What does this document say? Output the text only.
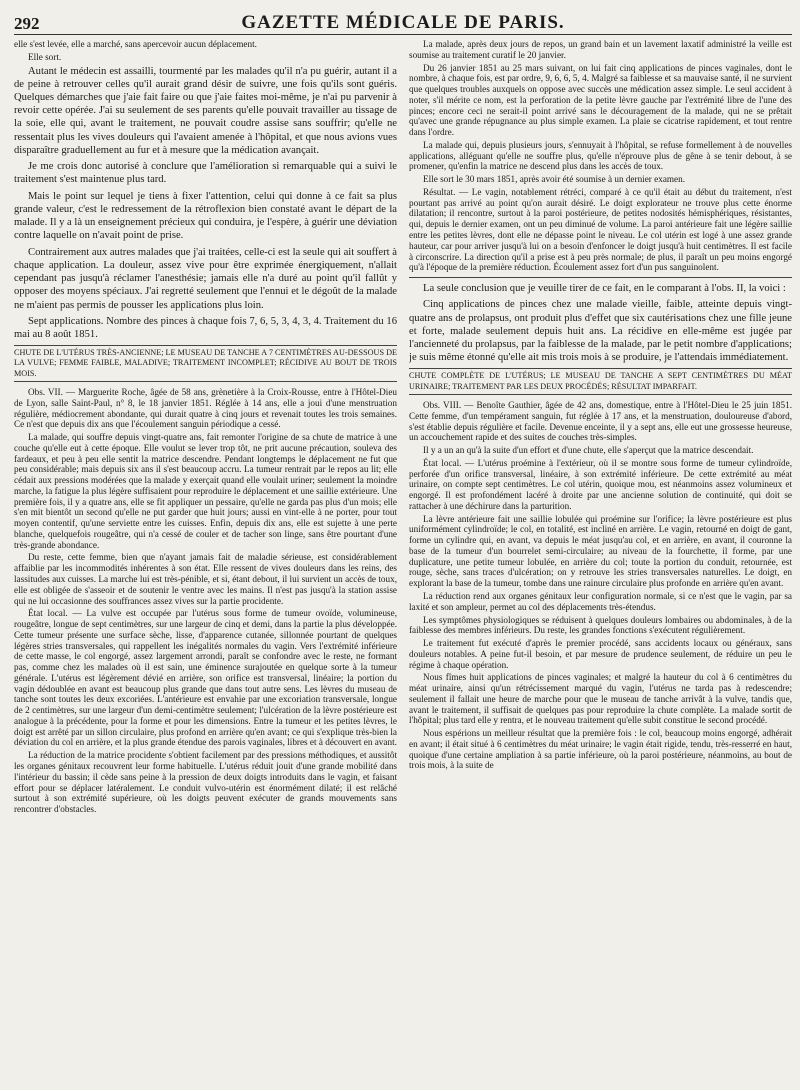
292	GAZETTE MÉDICALE DE PARIS.

elle s'est levée, elle a marché, sans apercevoir aucun déplacement.

Elle sort.

Autant le médecin est assailli, tourmenté par les malades qu'il n'a pu guérir, autant il a de peine à retrouver celles qu'il aurait grand désir de suivre, une fois qu'ils sont guéris. Quelques démarches que j'aie fait faire ou que j'aie faites moi-même, je n'ai pu parvenir à revoir cette opérée. J'ai su seulement de ses parents qu'elle pouvait travailler au tissage de la soie, elle qui, avant le traitement, ne pouvait coudre assise sans souffrir; qu'elle ne ressentait plus les vives douleurs qui l'avaient amenée à l'hôpital, et que nous avions vues disparaître graduellement au fur et à mesure que la médication avançait.

Je me crois donc autorisé à conclure que l'amélioration si remarquable qui a suivi le traitement s'est maintenue plus tard.

Mais le point sur lequel je tiens à fixer l'attention, celui qui donne à ce fait sa plus grande valeur, c'est le redressement de la rétroflexion bien constaté avant le départ de la malade. Il y a là un enseignement précieux qui conduira, je l'espère, à guérir une déviation contre laquelle on n'avait point de prise.

Contrairement aux autres malades que j'ai traitées, celle-ci est la seule qui ait souffert à chaque application. La douleur, assez vive pour être exprimée énergiquement, n'allait cependant pas jusqu'à réclamer l'anesthésie; jamais elle n'a duré au point qu'il fallût y opposer des moyens spéciaux. J'ai regretté seulement que l'ennui et le dégoût de la malade ne m'aient pas permis de pousser les applications plus loin.

Sept applications. Nombre des pinces à chaque fois 7, 6, 5, 3, 4, 3, 4. Traitement du 16 mai au 8 août 1851.

CHUTE DE L'UTÉRUS TRÈS-ANCIENNE; LE MUSEAU DE TANCHE A 7 CENTIMÈTRES AU-DESSOUS DE LA VULVE; FEMME FAIBLE, MALADIVE; TRAITEMENT INCOMPLET; RÉCIDIVE AU BOUT DE TROIS MOIS.

Obs. VII. — Marguerite Roche, âgée de 58 ans, grènetière à la Croix-Rousse, entre à l'Hôtel-Dieu de Lyon, salle Saint-Paul, n° 8, le 18 janvier 1851. Réglée à 14 ans, elle a joui d'une menstruation régulière, médiocrement abondante, qui durait quatre à cinq jours et revenait toutes les trois semaines. Ce n'est que depuis dix ans que l'écoulement sanguin périodique a cessé.

La malade, qui souffre depuis vingt-quatre ans, fait remonter l'origine de sa chute de matrice à une couche qu'elle eut à cette époque. Elle voulut se lever trop tôt, ne prit aucune précaution, souleva des fardeaux, et peu à peu elle sentit la matrice descendre. Pendant longtemps le déplacement ne fut que peu considérable; mais depuis six ans il s'est beaucoup accru. La tumeur rentrait par le repos au lit; elle cédait aux pressions modérées que la malade y exerçait quand elle voulait uriner; seulement la moindre marche, la fatigue la plus légère suffisaient pour reproduire le déplacement et une saillie extérieure. Une première fois, il y a quatre ans, elle se fit appliquer un pessaire, qu'elle ne garda pas plus d'un mois; elle s'en mit bientôt un second qu'elle ne put garder que huit jours; aussi en vint-elle à ne porter, pour tout moyen contentif, qu'une serviette entre les cuisses. Enfin, depuis dix ans, elle est sujette à une perte blanche, quelquefois rougeâtre, qui n'a cessé de couler et de tacher son linge, sans être pourtant d'une très-grande abondance.

Du reste, cette femme, bien que n'ayant jamais fait de maladie sérieuse, est considérablement affaiblie par les incommodités inhérentes à son état. Elle ressent de vives douleurs dans les reins, des lassitudes aux cuisses. La marche lui est très-pénible, et si, étant debout, il lui survient un accès de toux, elle est obligée de s'asseoir et de soutenir le ventre avec les mains. Il n'est pas jusqu'à la station assise qui ne lui occasionne des souffrances assez vives sur la partie procidente.

État local. — La vulve est occupée par l'utérus sous forme de tumeur ovoïde, volumineuse, rougeâtre, longue de sept centimètres, sur une largeur de cinq et demi, dans la partie la plus développée. Cette tumeur présente une surface sèche, lisse, d'apparence cutanée, sillonnée pourtant de quelques légères stries transversales, qui rappellent les inégalités normales du vagin. Vers l'extrémité inférieure de cette masse, le col engorgé, assez largement arrondi, paraît se confondre avec le reste, ne formant pas, comme chez les malades où il est sain, une éminence surajoutée en quelque sorte à la tumeur générale. L'utérus est légèrement dévié en arrière, son orifice est transversal, linéaire; la portion du vagin dédoublée en avant est beaucoup plus grande que dans tout autre sens. Les lèvres du museau de tanche sont toutes les deux excoriées. L'antérieure est envahie par une excoriation transversale, longue de 2 centimètres, sur une largeur d'un demi-centimètre seulement; l'ulcération de la lèvre postérieure est analogue à la précédente, pour la forme et pour les dimensions. Entre la tumeur et les petites lèvres, le doigt est arrêté par un sillon circulaire, plus profond en arrière qu'en avant; ce qui s'explique très-bien la déviation du col en arrière, et la plus grande étendue des parois vaginales, libres et à découvert en avant.

La réduction de la matrice procidente s'obtient facilement par des pressions méthodiques, et aussitôt les organes génitaux recouvrent leur forme habituelle. L'utérus réduit jouit d'une grande mobilité dans l'intérieur du bassin; il cède sans peine à la pression de deux doigts introduits dans le vagin, et faisant effort pour se déplacer latéralement. Le conduit vulvo-utérin est énormément dilaté; il est relâché surtout à son extrémité supérieure, où les doigts peuvent exécuter de grands mouvements sans rencontrer d'obstacles.

La malade, après deux jours de repos, un grand bain et un lavement laxatif administré la veille est soumise au traitement curatif le 20 janvier.

Du 26 janvier 1851 au 25 mars suivant, on lui fait cinq applications de pinces vaginales, dont le nombre, à chaque fois, est par ordre, 9, 6, 6, 5, 4. Malgré sa faiblesse et sa mauvaise santé, il ne survient que quelques troubles auxquels on oppose avec succès une médication assez simple. Le seul accident à noter, s'il mérite ce nom, est la perforation de la petite lèvre gauche par l'extrémité libre de l'une des pinces; encore ceci ne serait-il point arrivé sans le découragement de la malade, qui ne se prêtait qu'avec une grande répugnance au plus simple examen. La plaie se cicatrise rapidement, et tout rentre dans l'ordre.

La malade qui, depuis plusieurs jours, s'ennuyait à l'hôpital, se refuse formellement à de nouvelles applications, alléguant qu'elle ne souffre plus, qu'elle n'éprouve plus de gêne à se tenir debout, à se promener, qu'enfin la matrice ne descend plus dans les accès de toux.

Elle sort le 30 mars 1851, après avoir été soumise à un dernier examen.

Résultat. — Le vagin, notablement rétréci, comparé à ce qu'il était au début du traitement, n'est pourtant pas arrivé au point qu'on aurait désiré. Le doigt explorateur ne trouve plus cette énorme dilatation; il rencontre, surtout à la paroi postérieure, de petites nodosités hémisphériques, résistantes, qui, depuis le dernier examen, ont un peu diminué de volume. La paroi antérieure fait une légère saillie entre les petites lèvres, dont elle ne dépasse point le niveau. Le col utérin est logé à une assez grande hauteur, car pour arriver jusqu'à lui on a besoin d'enfoncer le doigt jusqu'à huit centimètres. Il est facile à circonscrire. La direction qu'il a prise est à peu près normale; de plus, il paraît un peu moins engorgé qu'à l'époque de la première réduction. Écoulement assez fort d'un pus sanguinolent.

La seule conclusion que je veuille tirer de ce fait, en le comparant à l'obs. II, la voici :

Cinq applications de pinces chez une malade vieille, faible, atteinte depuis vingt-quatre ans de prolapsus, ont produit plus d'effet que six cautérisations chez une fille jeune et forte, malade seulement depuis huit ans. La récidive en elle-même est jugée par l'ancienneté du prolapsus, par la faiblesse de la malade, par le petit nombre d'applications; je suis même étonné qu'elle ait mis trois mois à se produire, je l'attendais immédiatement.

CHUTE COMPLÈTE DE L'UTÉRUS; LE MUSEAU DE TANCHE A SEPT CENTIMÈTRES DU MÉAT URINAIRE; TRAITEMENT PAR LES DEUX PROCÉDÉS; RÉSULTAT IMPARFAIT.

Obs. VIII. — Benoîte Gauthier, âgée de 42 ans, domestique, entre à l'Hôtel-Dieu le 25 juin 1851. Cette femme, d'un tempérament sanguin, fut réglée à 17 ans, et la menstruation, douloureuse d'abord, s'est établie depuis régulière et facile. Devenue enceinte, il y a sept ans, elle eut une grossesse heureuse, un accouchement rapide et des suites de couches très-simples.

Il y a un an qu'à la suite d'un effort et d'une chute, elle s'aperçut que la matrice descendait.

État local. — L'utérus proémine à l'extérieur, où il se montre sous forme de tumeur cylindroïde, perforée d'un orifice transversal, linéaire, à son extrémité inférieure. De cette extrémité au méat urinaire, on compte sept centimètres. Le col utérin, quoique mou, est néanmoins assez volumineux et engorgé. Il est profondément lacéré à droite par une ancienne solution de continuité, qui doit se rattacher à une déchirure dans la parturition.

La lèvre antérieure fait une saillie lobulée qui proémine sur l'orifice; la lèvre postérieure est plus uniformément cylindroïde; le col, en totalité, est incliné en arrière. Le vagin, retourné en doigt de gant, forme un cylindre qui, en avant, va depuis le méat jusqu'au col, et en arrière, en avant, il couronne la base de la tumeur d'un bourrelet semi-circulaire; au niveau de la fourchette, il forme, par une duplicature, une petite tumeur lobulée, en arrière du col; toute la portion du conduit, retournée, est rouge, sèche, sans traces d'ulcération; on y retrouve les stries transversales naturelles. Le doigt, en explorant la base de la tumeur, tombe dans une rainure circulaire plus profonde en arrière qu'en avant.

La réduction rend aux organes génitaux leur configuration normale, si ce n'est que le vagin, par sa laxité et son ampleur, permet au col des déplacements très-étendus.

Les symptômes physiologiques se réduisent à quelques douleurs lombaires ou abdominales, à de la faiblesse des membres inférieurs. Du reste, les grandes fonctions s'exécutent régulièrement.

Le traitement fut exécuté d'après le premier procédé, sans accidents locaux ou généraux, sans douleurs notables. A peine fut-il besoin, et par mesure de prudence seulement, de réduire un peu le régime à chaque opération.

Nous fîmes huit applications de pinces vaginales; et malgré la hauteur du col à 6 centimètres du méat urinaire, ainsi qu'un rétrécissement marqué du vagin, l'utérus ne tarda pas à redescendre; seulement il fallait une heure de marche pour que le museau de tanche arrivât à la vulve, tandis que, avant le traitement, il suffisait de quelques pas pour reproduire la chute complète. La malade sortit de l'hôpital; plus tard elle y rentra, et le nouveau traitement qu'elle subit constitue le second procédé.

Nous espérions un meilleur résultat que la première fois : le col, beaucoup moins engorgé, adhérait en avant; il était situé à 6 centimètres du méat urinaire; le vagin était rigide, tendu, très-resserré en haut, quoique d'une certaine ampliation à sa partie inférieure, où la paroi postérieure, néanmoins, au bout de trois mois, à la suite de
